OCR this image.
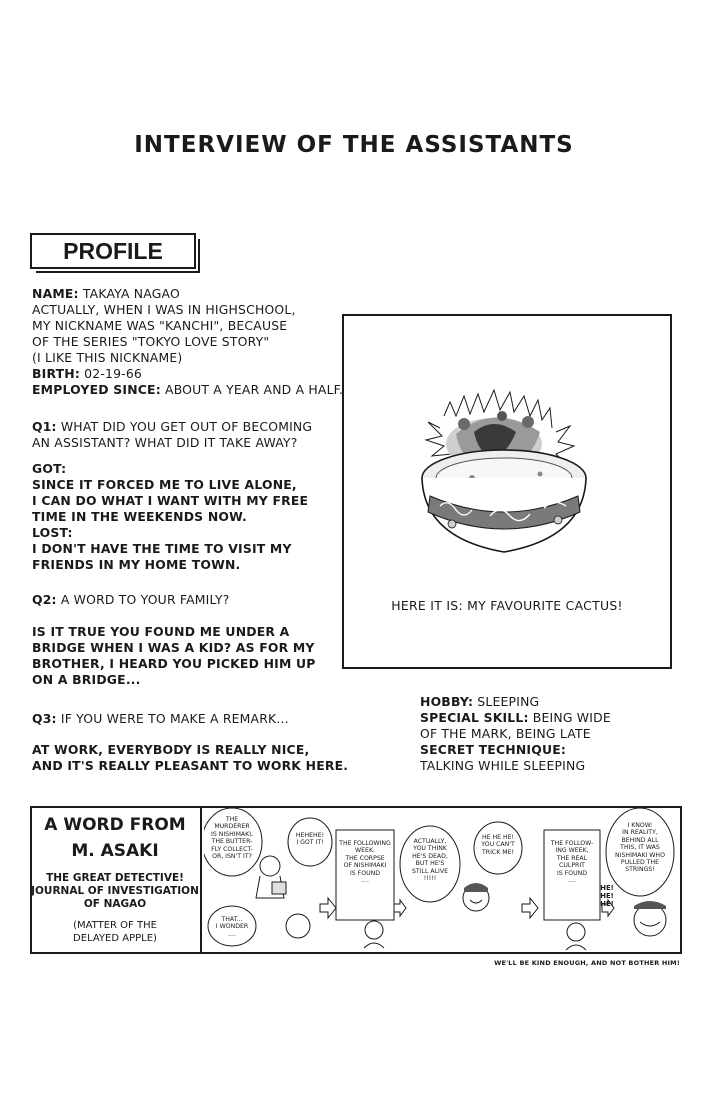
INTERVIEW OF THE ASSISTANTS
PROFILE
NAME: TAKAYA NAGAO
ACTUALLY, WHEN I WAS IN HIGHSCHOOL,
MY NICKNAME WAS "KANCHI", BECAUSE
OF THE SERIES "TOKYO LOVE STORY"
(I LIKE THIS NICKNAME)
BIRTH: 02-19-66
EMPLOYED SINCE: ABOUT A YEAR AND A HALF.
Q1: WHAT DID YOU GET OUT OF BECOMING
AN ASSISTANT? WHAT DID IT TAKE AWAY?
GOT:
SINCE IT FORCED ME TO LIVE ALONE,
I CAN DO WHAT I WANT WITH MY FREE
TIME IN THE WEEKENDS NOW.
LOST:
I DON'T HAVE THE TIME TO VISIT MY
FRIENDS IN MY HOME TOWN.
Q2: A WORD TO YOUR FAMILY?
IS IT TRUE YOU FOUND ME UNDER A
BRIDGE WHEN I WAS A KID? AS FOR MY
BROTHER, I HEARD YOU PICKED HIM UP
ON A BRIDGE...
Q3: IF YOU WERE TO MAKE A REMARK...
AT WORK, EVERYBODY IS REALLY NICE,
AND IT'S REALLY PLEASANT TO WORK HERE.
HERE IT IS: MY FAVOURITE CACTUS!
HOBBY: SLEEPING
SPECIAL SKILL: BEING WIDE
OF THE MARK, BEING LATE
SECRET TECHNIQUE:
TALKING WHILE SLEEPING
A WORD FROM
M. ASAKI
THE GREAT DETECTIVE!
JOURNAL OF INVESTIGATION
OF NAGAO
(MATTER OF THE
DELAYED APPLE)
THE
MURDERER
IS NISHIMAKI,
THE BUTTER-
FLY COLLECT-
OR, ISN'T IT?
HEHEHE!
I GOT IT!
THAT...
I WONDER
....
THE FOLLOWING
WEEK.
THE CORPSE
OF NISHIMAKI
IS FOUND
....
ACTUALLY,
YOU THINK
HE'S DEAD,
BUT HE'S
STILL ALIVE
!!!!!
HE HE HE!
YOU CAN'T
TRICK ME!
THE FOLLOW-
ING WEEK,
THE REAL
CULPRIT
IS FOUND
....
I KNOW:
IN REALITY,
BEHIND ALL
THIS, IT WAS
NISHIMAKI WHO
PULLED THE
STRINGS!
HE!
HE!
HE!
WE'LL BE KIND ENOUGH, AND NOT BOTHER HIM!
